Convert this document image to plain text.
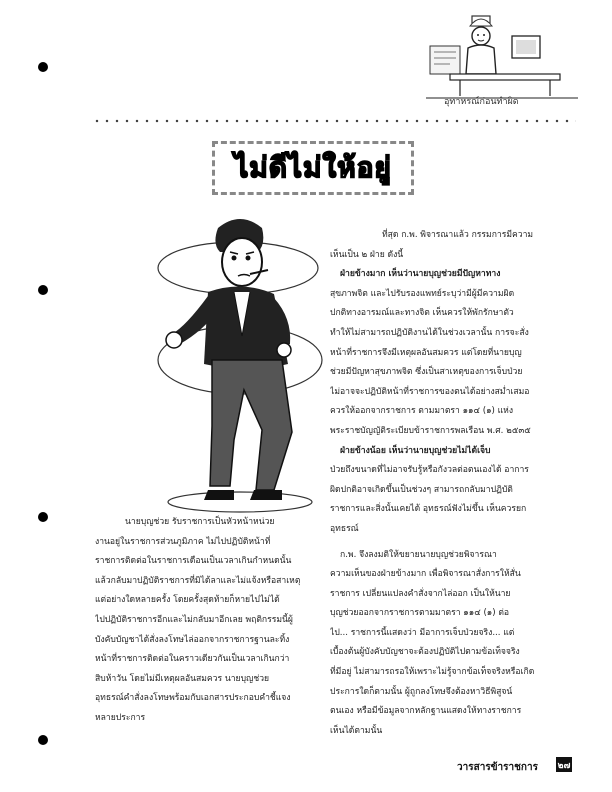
อุทาหรณ์ก่อนทำผิด
ไม่ดีไม่ให้อยู่
ที่สุด ก.พ. พิจารณาแล้ว กรรมการมีความ
เห็นเป็น ๒ ฝ่าย ดังนี้
ฝ่ายข้างมาก เห็นว่านายบุญช่วยมีปัญหาทาง
สุขภาพจิต และไปรับรองแพทย์ระบุว่ามีผู้มีความผิด
ปกติทางอารมณ์และทางจิต เห็นควรให้พักรักษาตัว
ทำให้ไม่สามารถปฏิบัติงานได้ในช่วงเวลานั้น การจะสั่ง
หน้าที่ราชการจึงมีเหตุผลอันสมควร แต่โดยที่นายบุญ
ช่วยมีปัญหาสุขภาพจิต ซึ่งเป็นสาเหตุของการเจ็บป่วย
ไม่อาจจะปฏิบัติหน้าที่ราชการของตนได้อย่างสม่ำเสมอ
ควรให้ออกจากราชการ ตามมาตรา ๑๑๔ (๑) แห่ง
พระราชบัญญัติระเบียบข้าราชการพลเรือน พ.ศ. ๒๕๓๕
ฝ่ายข้างน้อย เห็นว่านายบุญช่วยไม่ได้เจ็บ
ป่วยถึงขนาดที่ไม่อาจรับรู้หรือกังวลต่อตนเองได้ อาการ
ผิดปกติอาจเกิดขึ้นเป็นช่วงๆ สามารถกลับมาปฏิบัติ
ราชการและสิ่งนั้นเคยได้ อุทธรณ์ฟังไม่ขึ้น เห็นควรยก
อุทธรณ์
ก.พ. จึงลงมติให้ขยายนายบุญช่วยพิจารณา
ความเห็นของฝ่ายข้างมาก เพื่อพิจารณาสั่งการให้สั่น
ราชการ เปลี่ยนแปลงคำสั่งจากไล่ออก เป็นให้นาย
บุญช่วยออกจากราชการตามมาตรา ๑๑๔ (๑) ต่อ
ไป... ราชการนี้แสดงว่า มีอาการเจ็บป่วยจริง... แต่
เบื้องต้นผู้บังคับบัญชาจะต้องปฏิบัติไปตามข้อเท็จจริง
ที่มีอยู่ ไม่สามารถรอให้เพราะไม่รู้จากข้อเท็จจริงหรือเกิด
ประการใดก็ตามนั้น ผู้ถูกลงโทษจึงต้องหาวิธีพิสูจน์
ตนเอง หรือมีข้อมูลจากหลักฐานแสดงให้ทางราชการ
เห็นได้ตามนั้น
นายบุญช่วย รับราชการเป็นหัวหน้าหน่วย
งานอยู่ในราชการส่วนภูมิภาค ไม่ไปปฏิบัติหน้าที่
ราชการติดต่อในราชการเดือนเป็นเวลาเกินกำหนดนั้น
แล้วกลับมาปฏิบัติราชการที่มิได้ลาและไม่แจ้งหรือสาเหตุ
แต่อย่างใดหลายครั้ง โดยครั้งสุดท้ายก็หายไปไม่ได้
ไปปฏิบัติราชการอีกและไม่กลับมาอีกเลย พฤติกรรมนี้ผู้
บังคับบัญชาได้สั่งลงโทษไล่ออกจากราชการฐานละทิ้ง
หน้าที่ราชการติดต่อในคราวเดียวกันเป็นเวลาเกินกว่า
สิบห้าวัน โดยไม่มีเหตุผลอันสมควร นายบุญช่วย
อุทธรณ์คำสั่งลงโทษพร้อมกับเอกสารประกอบคำชี้แจง
หลายประการ
วารสารข้าราชการ ๒๗
